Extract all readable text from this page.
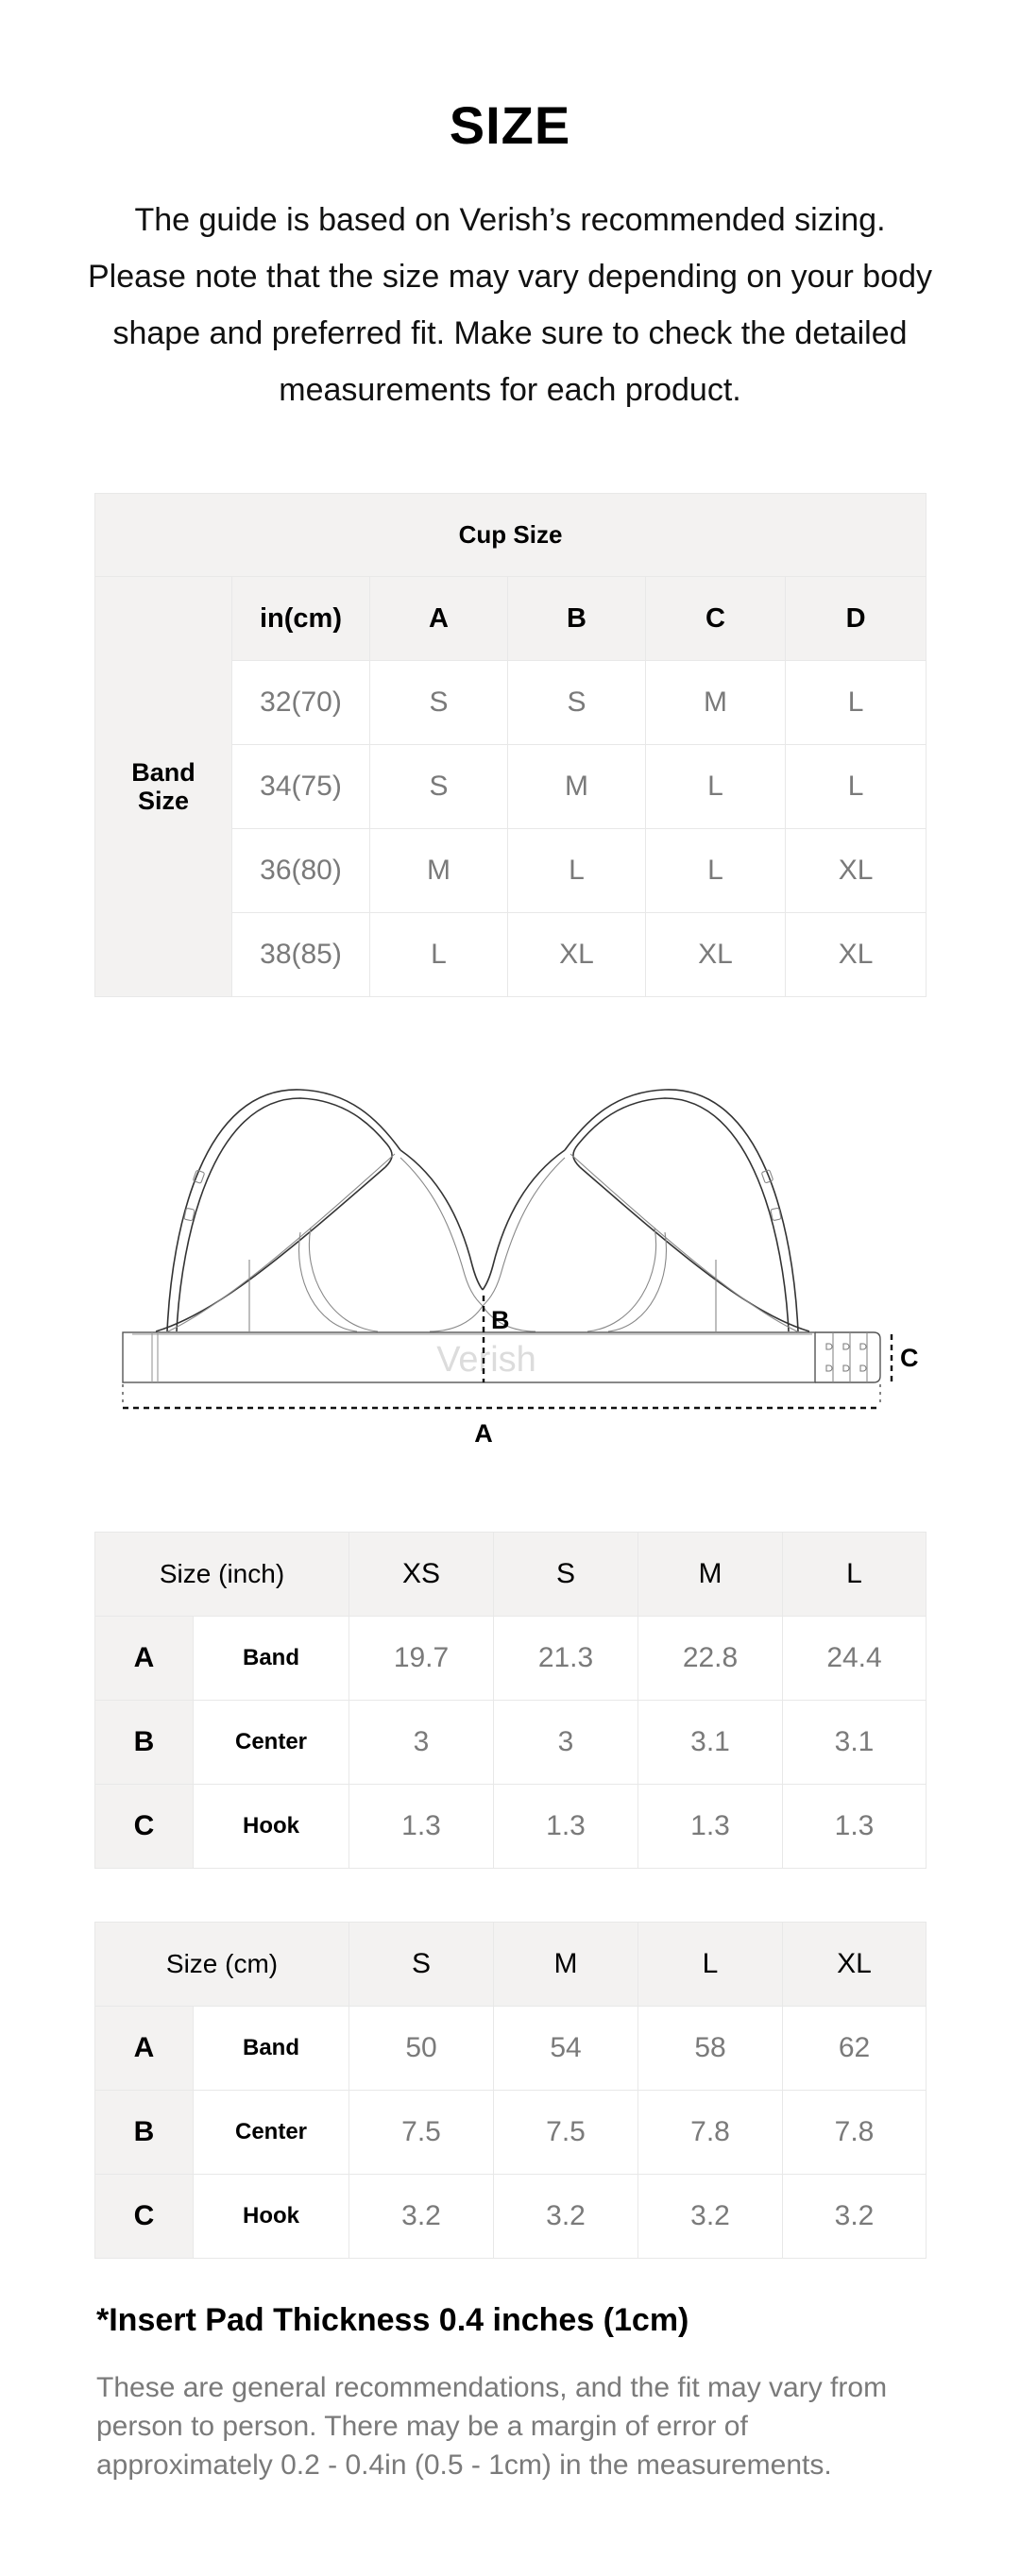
SIZE
The guide is based on Verish’s recommended sizing. Please note that the size may vary depending on your body shape and preferred fit. Make sure to check the detailed measurements for each product.
Cup Size					
Band
Size	in(cm)	A	B	C	D
	32(70)	S	S	M	L
	34(75)	S	M	L	L
	36(80)	M	L	L	XL
	38(85)	L	XL	XL	XL
Verish
B
A
C
Size (inch)		XS	S	M	L
A	Band	19.7	21.3	22.8	24.4
B	Center	3	3	3.1	3.1
C	Hook	1.3	1.3	1.3	1.3
Size (cm)		S	M	L	XL
A	Band	50	54	58	62
B	Center	7.5	7.5	7.8	7.8
C	Hook	3.2	3.2	3.2	3.2
*Insert Pad Thickness 0.4 inches (1cm)
These are general recommendations, and the fit may vary from person to person. There may be a margin of error of approximately 0.2 - 0.4in (0.5 - 1cm) in the measurements.
